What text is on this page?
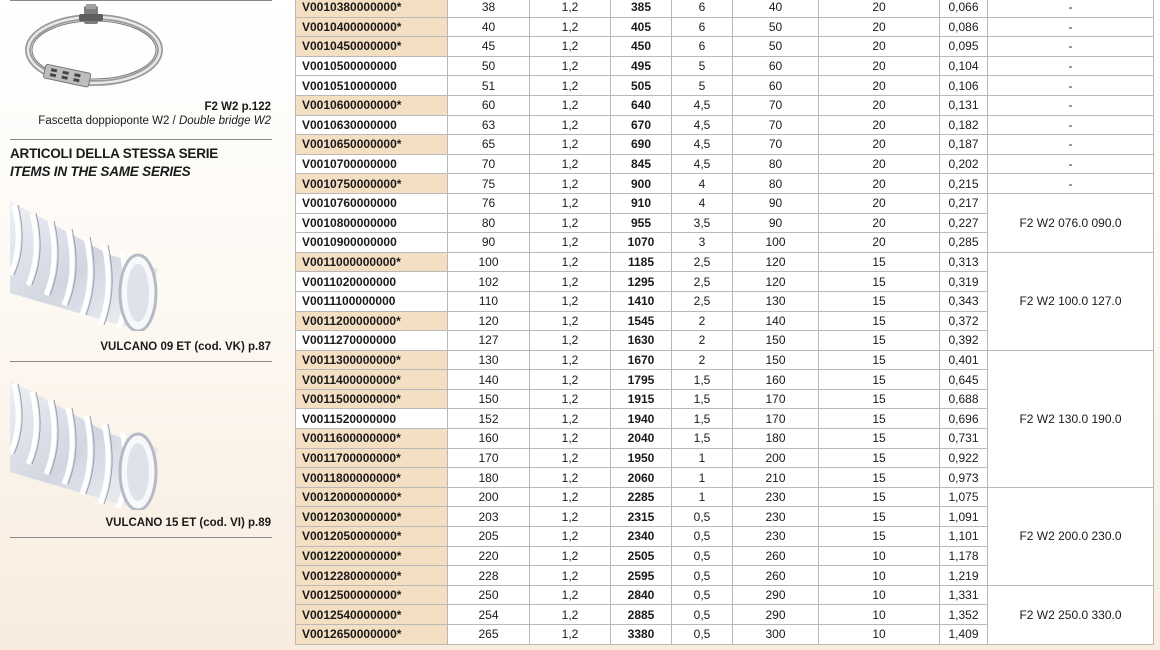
F2 W2 p.122
Fascetta doppioponte W2 / Double bridge W2
ARTICOLI DELLA STESSA SERIE
ITEMS IN THE SAME SERIES
VULCANO 09 ET (cod. VK) p.87
VULCANO 15 ET (cod. VI) p.89
V0010380000000*	38	1,2	385	6	40	20	0,066	-
V0010400000000*	40	1,2	405	6	50	20	0,086	-
V0010450000000*	45	1,2	450	6	50	20	0,095	-
V0010500000000	50	1,2	495	5	60	20	0,104	-
V0010510000000	51	1,2	505	5	60	20	0,106	-
V0010600000000*	60	1,2	640	4,5	70	20	0,131	-
V0010630000000	63	1,2	670	4,5	70	20	0,182	-
V0010650000000*	65	1,2	690	4,5	70	20	0,187	-
V0010700000000	70	1,2	845	4,5	80	20	0,202	-
V0010750000000*	75	1,2	900	4	80	20	0,215	-
V0010760000000	76	1,2	910	4	90	20	0,217	F2 W2 076.0 090.0
V0010800000000	80	1,2	955	3,5	90	20	0,227	
V0010900000000	90	1,2	1070	3	100	20	0,285	
V0011000000000*	100	1,2	1185	2,5	120	15	0,313	F2 W2 100.0 127.0
V0011020000000	102	1,2	1295	2,5	120	15	0,319	
V0011100000000	110	1,2	1410	2,5	130	15	0,343	
V0011200000000*	120	1,2	1545	2	140	15	0,372	
V0011270000000	127	1,2	1630	2	150	15	0,392	
V0011300000000*	130	1,2	1670	2	150	15	0,401	F2 W2 130.0 190.0
V0011400000000*	140	1,2	1795	1,5	160	15	0,645	
V0011500000000*	150	1,2	1915	1,5	170	15	0,688	
V0011520000000	152	1,2	1940	1,5	170	15	0,696	
V0011600000000*	160	1,2	2040	1,5	180	15	0,731	
V0011700000000*	170	1,2	1950	1	200	15	0,922	
V0011800000000*	180	1,2	2060	1	210	15	0,973	
V0012000000000*	200	1,2	2285	1	230	15	1,075	F2 W2 200.0 230.0
V0012030000000*	203	1,2	2315	0,5	230	15	1,091	
V0012050000000*	205	1,2	2340	0,5	230	15	1,101	
V0012200000000*	220	1,2	2505	0,5	260	10	1,178	
V0012280000000*	228	1,2	2595	0,5	260	10	1,219	
V0012500000000*	250	1,2	2840	0,5	290	10	1,331	F2 W2 250.0 330.0
V0012540000000*	254	1,2	2885	0,5	290	10	1,352	
V0012650000000*	265	1,2	3380	0,5	300	10	1,409	
